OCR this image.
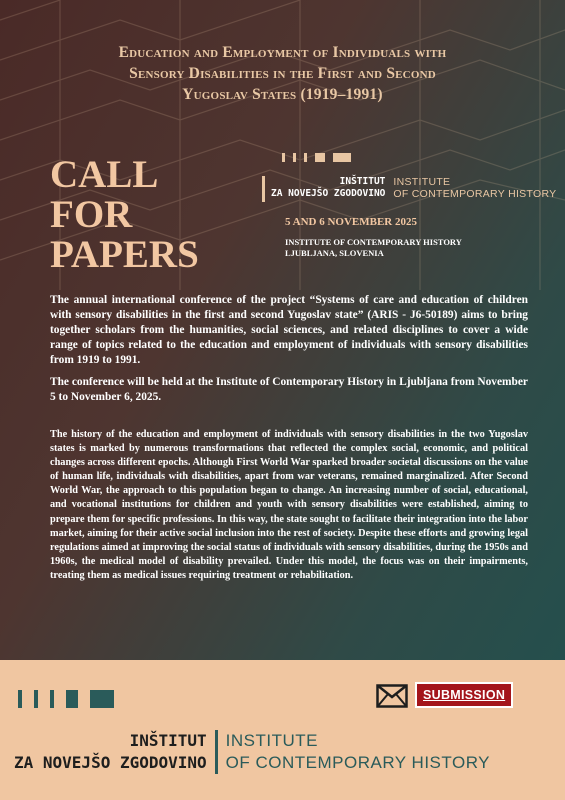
Education and Employment of Individuals with
Sensory Disabilities in the First and Second
Yugoslav States (1919–1991)
CALL
FOR
PAPERS
INŠTITUT
ZA NOVEJŠO ZGODOVINO
INSTITUTE
OF CONTEMPORARY HISTORY
5 AND 6 NOVEMBER 2025
INSTITUTE OF CONTEMPORARY HISTORY
LJUBLJANA, SLOVENIA

The annual international conference of the project “Systems of care and education of children with sensory disabilities in the first and second Yugoslav state” (ARIS - J6-50189) aims to bring together scholars from the humanities, social sciences, and related disciplines to cover a wide range of topics related to the education and employment of individuals with sensory disabilities from 1919 to 1991.

The conference will be held at the Institute of Contemporary History in Ljubljana from November 5 to November 6, 2025.

The history of the education and employment of individuals with sensory disabilities in the two Yugoslav states is marked by numerous transformations that reflected the complex social, economic, and political changes across different epochs. Although First World War sparked broader societal discussions on the value of human life, individuals with disabilities, apart from war veterans, remained marginalized. After Second World War, the approach to this population began to change. An increasing number of social, educational, and vocational institutions for children and youth with sensory disabilities were established, aiming to prepare them for specific professions. In this way, the state sought to facilitate their integration into the labor market, aiming for their active social inclusion into the rest of society. Despite these efforts and growing legal regulations aimed at improving the social status of individuals with sensory disabilities, during the 1950s and 1960s, the medical model of disability prevailed. Under this model, the focus was on their impairments, treating them as medical issues requiring treatment or rehabilitation.

SUBMISSION
INŠTITUT
ZA NOVEJŠO ZGODOVINO
INSTITUTE
OF CONTEMPORARY HISTORY
